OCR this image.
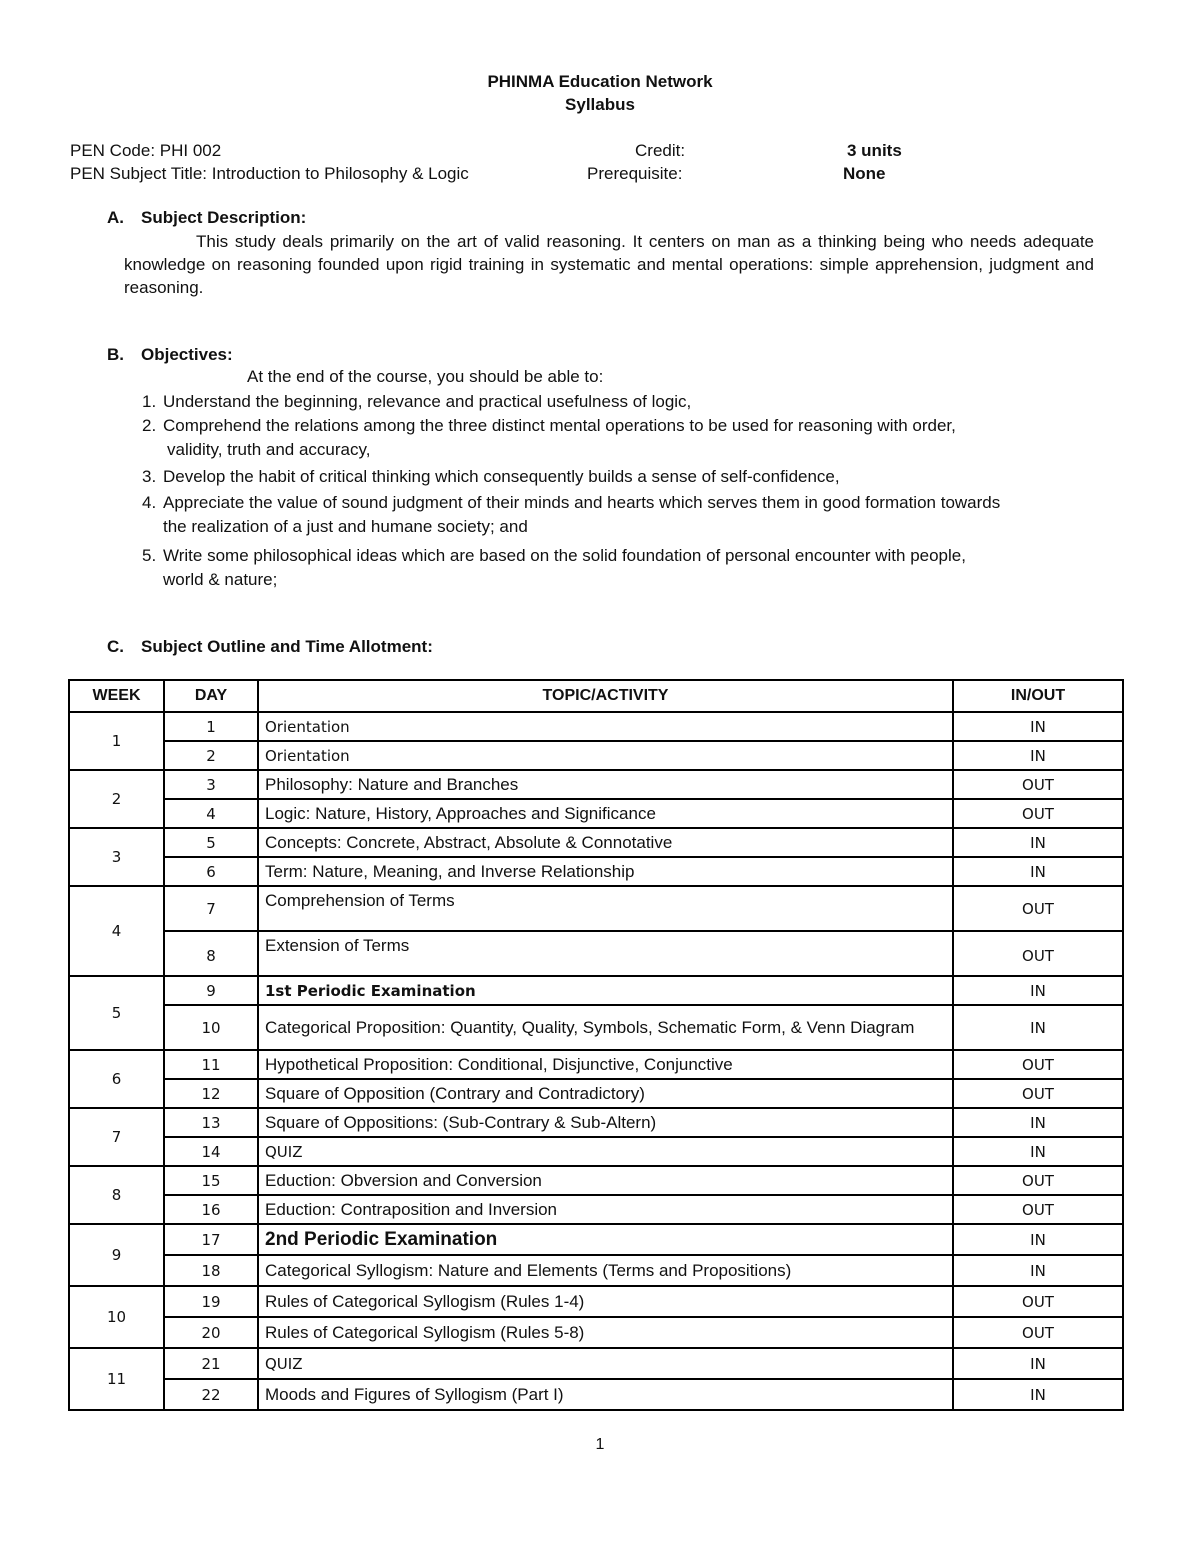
PHINMA Education Network
Syllabus
PEN Code: PHI 002	Credit:	3 units
PEN Subject Title: Introduction to Philosophy & Logic	Prerequisite:	None
A. Subject Description:
This study deals primarily on the art of valid reasoning. It centers on man as a thinking being who needs adequate knowledge on reasoning founded upon rigid training in systematic and mental operations: simple apprehension, judgment and reasoning.
B. Objectives:
At the end of the course, you should be able to:
1. Understand the beginning, relevance and practical usefulness of logic,
2. Comprehend the relations among the three distinct mental operations to be used for reasoning with order,
validity, truth and accuracy,
3. Develop the habit of critical thinking which consequently builds a sense of self-confidence,
4. Appreciate the value of sound judgment of their minds and hearts which serves them in good formation towards
the realization of a just and humane society; and
5. Write some philosophical ideas which are based on the solid foundation of personal encounter with people,
world & nature;
C. Subject Outline and Time Allotment:
WEEK	DAY	TOPIC/ACTIVITY	IN/OUT
1	1	Orientation	IN
	2	Orientation	IN
2	3	Philosophy: Nature and Branches	OUT
	4	Logic: Nature, History, Approaches and Significance	OUT
3	5	Concepts: Concrete, Abstract, Absolute & Connotative	IN
	6	Term: Nature, Meaning, and Inverse Relationship	IN
4	7	Comprehension of Terms	OUT
	8	Extension of Terms	OUT
5	9	1st Periodic Examination	IN
	10	Categorical Proposition: Quantity, Quality, Symbols, Schematic Form, & Venn Diagram	IN
6	11	Hypothetical Proposition: Conditional, Disjunctive, Conjunctive	OUT
	12	Square of Opposition (Contrary and Contradictory)	OUT
7	13	Square of Oppositions: (Sub-Contrary & Sub-Altern)	IN
	14	QUIZ	IN
8	15	Eduction: Obversion and Conversion	OUT
	16	Eduction: Contraposition and Inversion	OUT
9	17	2nd Periodic Examination	IN
	18	Categorical Syllogism: Nature and Elements (Terms and Propositions)	IN
10	19	Rules of Categorical Syllogism (Rules 1-4)	OUT
	20	Rules of Categorical Syllogism (Rules 5-8)	OUT
11	21	QUIZ	IN
	22	Moods and Figures of Syllogism (Part I)	IN
1
